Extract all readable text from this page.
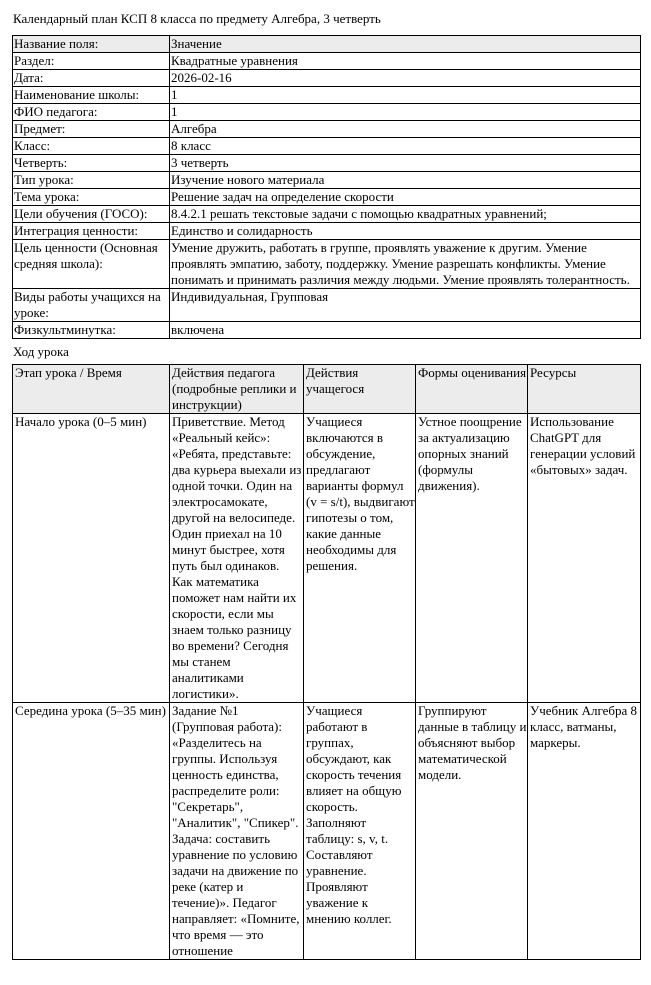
Календарный план КСП 8 класса по предмету Алгебра, 3 четверть
Название поля:	Значение
Раздел:	Квадратные уравнения
Дата:	2026-02-16
Наименование школы:	1
ФИО педагога:	1
Предмет:	Алгебра
Класс:	8 класс
Четверть:	3 четверть
Тип урока:	Изучение нового материала
Тема урока:	Решение задач на определение скорости
Цели обучения (ГОСО):	8.4.2.1 решать текстовые задачи с помощью квадратных уравнений;
Интеграция ценности:	Единство и солидарность
Цель ценности (Основная средняя школа):	Умение дружить, работать в группе, проявлять уважение к другим. Умение проявлять эмпатию, заботу, поддержку. Умение разрешать конфликты. Умение понимать и принимать различия между людьми. Умение проявлять толерантность.
Виды работы учащихся на уроке:	Индивидуальная, Групповая
Физкультминутка:	включена
Ход урока
Этап урока / Время	Действия педагога (подробные реплики и инструкции)	Действия учащегося	Формы оценивания	Ресурсы
Начало урока (0–5 мин)	Приветствие. Метод «Реальный кейс»: «Ребята, представьте: два курьера выехали из одной точки. Один на электросамокате, другой на велосипеде. Один приехал на 10 минут быстрее, хотя путь был одинаков. Как математика поможет нам найти их скорости, если мы знаем только разницу во времени? Сегодня мы станем аналитиками логистики».	Учащиеся включаются в обсуждение, предлагают варианты формул (v = s/t), выдвигают гипотезы о том, какие данные необходимы для решения.	Устное поощрение за актуализацию опорных знаний (формулы движения).	Использование ChatGPT для генерации условий «бытовых» задач.

Середина урока (5–35 мин)	Задание №1 (Групповая работа): «Разделитесь на группы. Используя ценность единства, распределите роли: "Секретарь", "Аналитик", "Спикер". Задача: составить уравнение по условию задачи на движение по реке (катер и течение)». Педагог направляет: «Помните, что время — это отношение	Учащиеся работают в группах, обсуждают, как скорость течения влияет на общую скорость. Заполняют таблицу: s, v, t. Составляют уравнение. Проявляют уважение к мнению коллег.	Группируют данные в таблицу и объясняют выбор математической модели.	Учебник Алгебра 8 класс, ватманы, маркеры.
